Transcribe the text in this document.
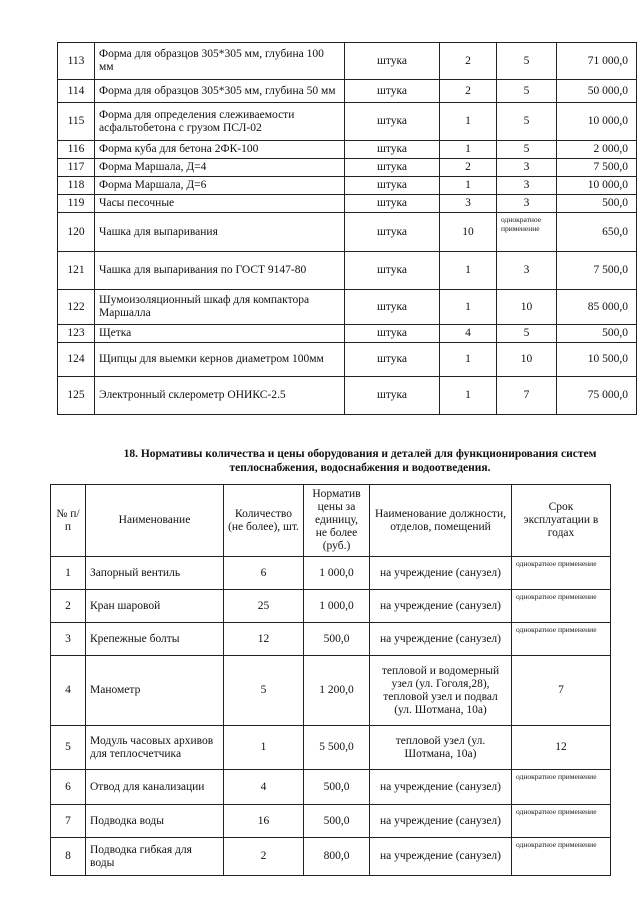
113	Форма для образцов 305*305 мм, глубина 100 мм	штука	2	5	71 000,0
114	Форма для образцов 305*305 мм, глубина 50 мм	штука	2	5	50 000,0
115	Форма для определения слеживаемости асфальтобетона с грузом ПСЛ-02	штука	1	5	10 000,0
116	Форма куба для бетона 2ФК-100	штука	1	5	2 000,0
117	Форма Маршала, Д=4	штука	2	3	7 500,0
118	Форма Маршала, Д=6	штука	1	3	10 000,0
119	Часы песочные	штука	3	3	500,0
120	Чашка для выпаривания	штука	10	однократное применение	650,0
121	Чашка для выпаривания по ГОСТ 9147-80	штука	1	3	7 500,0
122	Шумоизоляционный шкаф для компактора Маршалла	штука	1	10	85 000,0
123	Щетка	штука	4	5	500,0
124	Щипцы для выемки кернов диаметром 100мм	штука	1	10	10 500,0
125	Электронный склерометр ОНИКС-2.5	штука	1	7	75 000,0
18. Нормативы количества и цены оборудования и деталей для функционирования систем теплоснабжения, водоснабжения и водоотведения.
№ п/п	Наименование	Количество (не более), шт.	Норматив цены за единицу, не более (руб.)	Наименование должности, отделов, помещений	Срок эксплуатации в годах
1	Запорный вентиль	6	1 000,0	на учреждение (санузел)	однократное применение

2	Кран шаровой	25	1 000,0	на учреждение (санузел)	однократное применение

3	Крепежные болты	12	500,0	на учреждение (санузел)	однократное применение

4	Манометр	5	1 200,0	тепловой и водомерный узел (ул. Гоголя,28), тепловой узел и подвал (ул. Шотмана, 10а)	7
5	Модуль часовых архивов для теплосчетчика	1	5 500,0	тепловой узел (ул. Шотмана, 10а)	12
6	Отвод для канализации	4	500,0	на учреждение (санузел)	однократное применение

7	Подводка воды	16	500,0	на учреждение (санузел)	однократное применение

8	Подводка гибкая для воды	2	800,0	на учреждение (санузел)	однократное применение
